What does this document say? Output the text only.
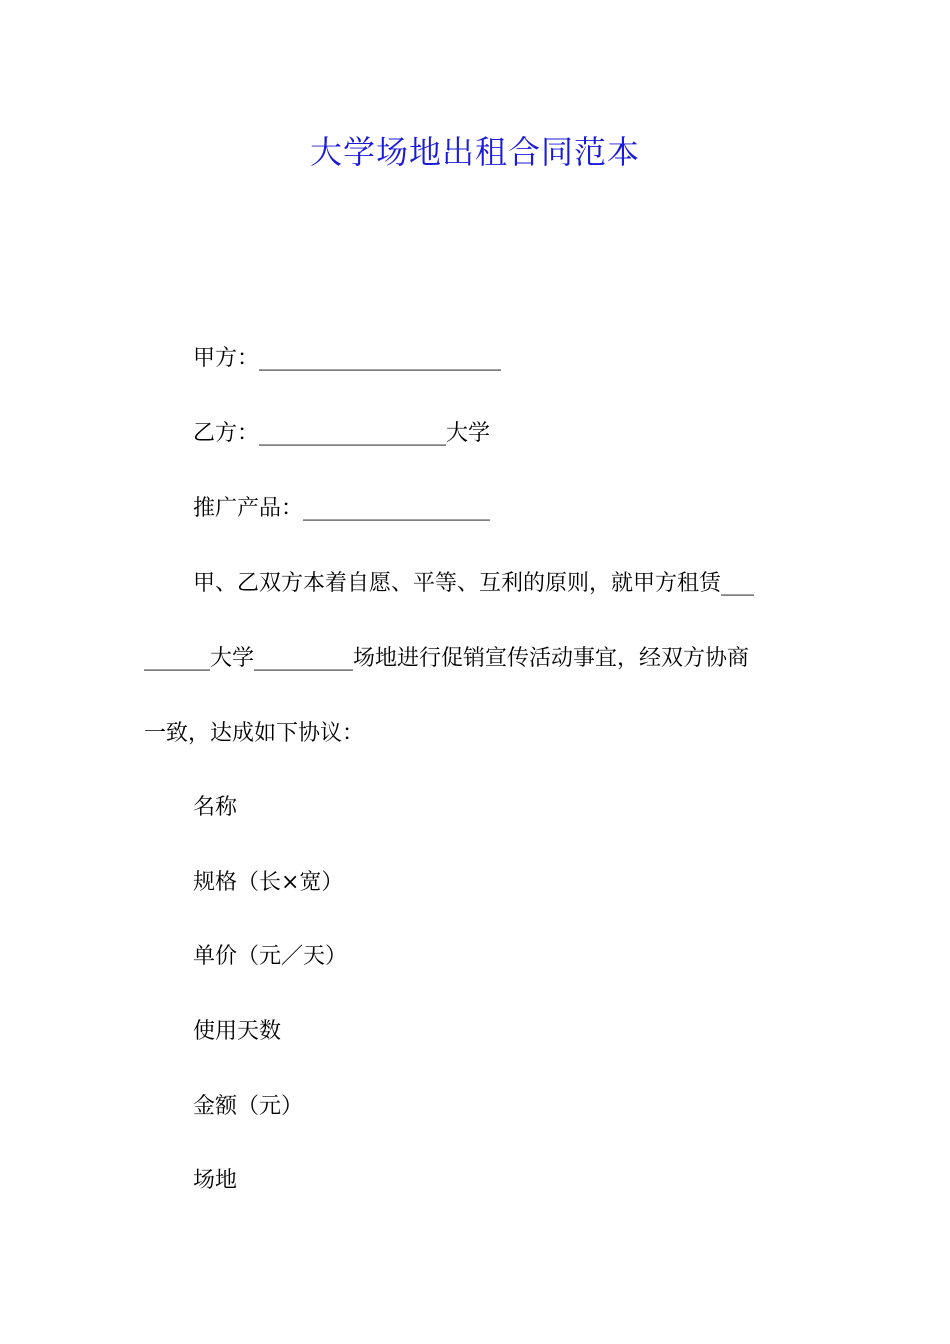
大学场地出租合同范本
甲方：______________________
乙方：_________________大学
推广产品：_________________
甲、乙双方本着自愿、平等、互利的原则，就甲方租赁___
______大学_________场地进行促销宣传活动事宜，经双方协商
一致，达成如下协议：
名称
规格（长×宽）
单价（元／天）
使用天数
金额（元）
场地
